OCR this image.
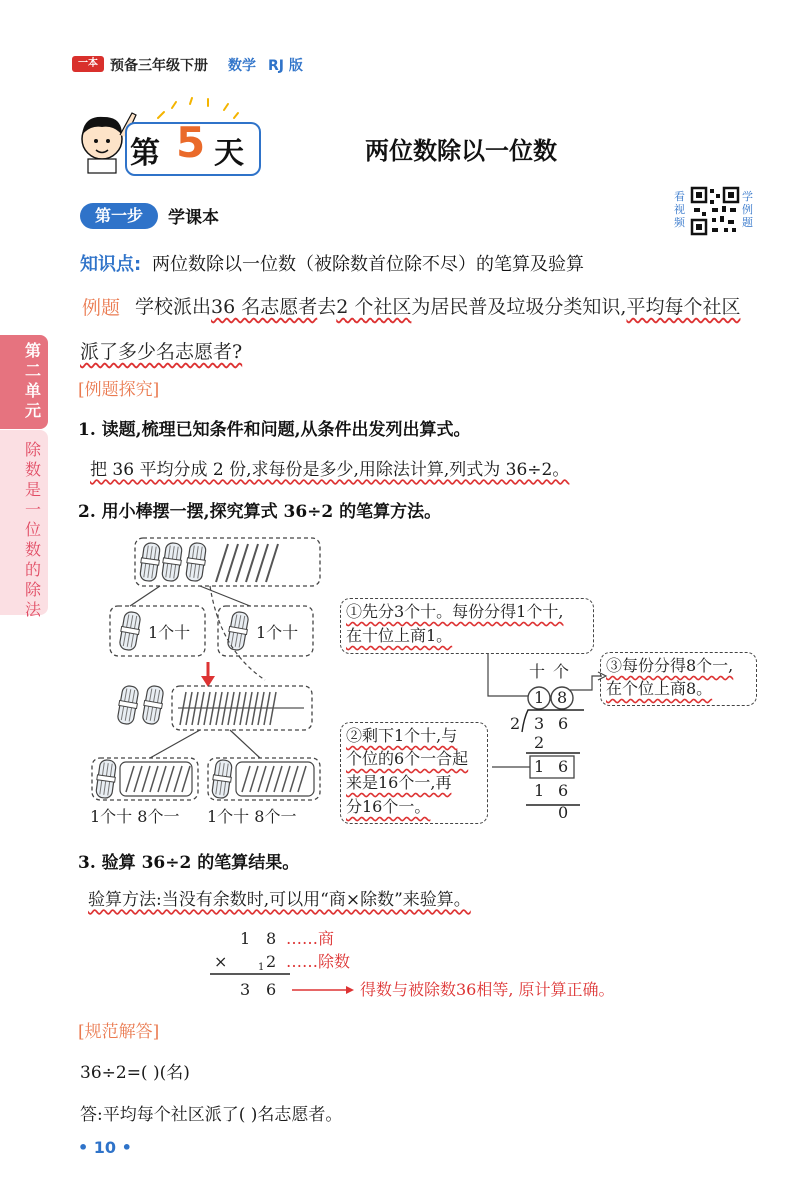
一本 预备三年级下册 数学 RJ 版
第 5 天	两位数除以一位数
第一步	学课本
看视频
学例题
知识点: 两位数除以一位数（被除数首位除不尽）的笔算及验算
例题 学校派出36 名志愿者去2 个社区为居民普及垃圾分类知识,平均每个社区
派了多少名志愿者?
[例题探究]
1. 读题,梳理已知条件和问题,从条件出发列出算式。
把 36 平均分成 2 份,求每份是多少,用除法计算,列式为 36÷2。
2. 用小棒摆一摆,探究算式 36÷2 的笔算方法。
1个十	1个十
1个十 8个一 1个十 8个一
①先分3个十。每份分得1个十,
在十位上商1。
③每份分得8个一,
在个位上商8。
②剩下1个十,与
个位的6个一合起
来是16个一,再
分16个一。
十 个
1 8
2 3 6
2
1 6
1 6
0
3. 验算 36÷2 的笔算结果。
验算方法:当没有余数时,可以用“商×除数”来验算。
1 8 ……商
×	1 2 ……除数
3 6	得数与被除数36相等, 原计算正确。
[规范解答]
36÷2=( )(名)
答:平均每个社区派了( )名志愿者。
• 10 •
第二单元
除数是一位数的除法
